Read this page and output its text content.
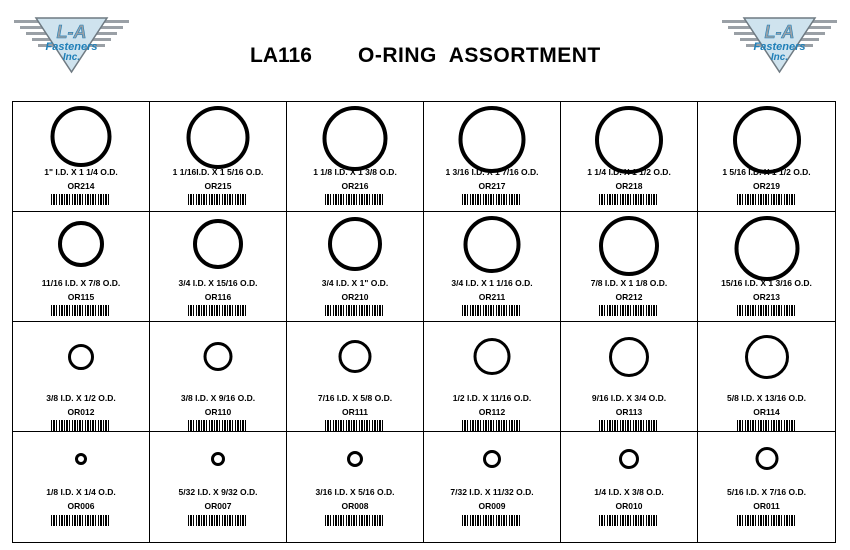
L-A
Fasteners
Inc.
L-A
Fasteners
Inc.
LA116 O-RING  ASSORTMENT
1" I.D. X 1 1/4 O.D.
OR214
1 1/16I.D. X 1 5/16 O.D.
OR215
1 1/8 I.D. X 1 3/8 O.D.
OR216
1 3/16 I.D. X 1 7/16 O.D.
OR217
1 1/4 I.D. X 1 1/2 O.D.
OR218
1 5/16 I.D. X 1 1/2 O.D.
OR219
11/16 I.D. X 7/8 O.D.
OR115
3/4 I.D. X 15/16 O.D.
OR116
3/4 I.D. X 1" O.D.
OR210
3/4 I.D. X 1 1/16 O.D.
OR211
7/8 I.D. X 1 1/8 O.D.
OR212
15/16 I.D. X 1 3/16 O.D.
OR213
3/8 I.D. X 1/2 O.D.
OR012
3/8 I.D. X 9/16 O.D.
OR110
7/16 I.D. X 5/8 O.D.
OR111
1/2 I.D. X 11/16 O.D.
OR112
9/16 I.D. X 3/4 O.D.
OR113
5/8 I.D. X 13/16 O.D.
OR114
1/8 I.D. X 1/4 O.D.
OR006
5/32 I.D. X 9/32 O.D.
OR007
3/16 I.D. X 5/16 O.D.
OR008
7/32 I.D. X 11/32 O.D.
OR009
1/4 I.D. X 3/8 O.D.
OR010
5/16 I.D. X 7/16 O.D.
OR011
